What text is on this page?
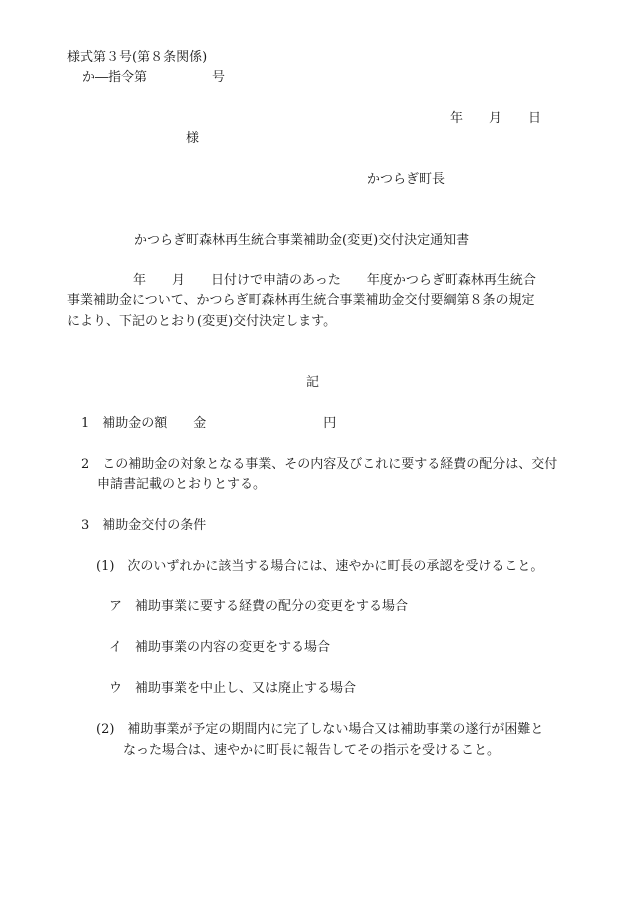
様式第３号(第８条関係)
か―指令第　　　　　号
年　　月　　日
様
かつらぎ町長
かつらぎ町森林再生統合事業補助金(変更)交付決定通知書
年　　月　　日付けで申請のあった　　年度かつらぎ町森林再生統合
事業補助金について、かつらぎ町森林再生統合事業補助金交付要綱第８条の規定
により、下記のとおり(変更)交付決定します。
記
1　補助金の額　　金　　　　　　　　　円
2　この補助金の対象となる事業、その内容及びこれに要する経費の配分は、交付
申請書記載のとおりとする。
3　補助金交付の条件
(1)　次のいずれかに該当する場合には、速やかに町長の承認を受けること。
ア　補助事業に要する経費の配分の変更をする場合
イ　補助事業の内容の変更をする場合
ウ　補助事業を中止し、又は廃止する場合
(2)　補助事業が予定の期間内に完了しない場合又は補助事業の遂行が困難と
なった場合は、速やかに町長に報告してその指示を受けること。
